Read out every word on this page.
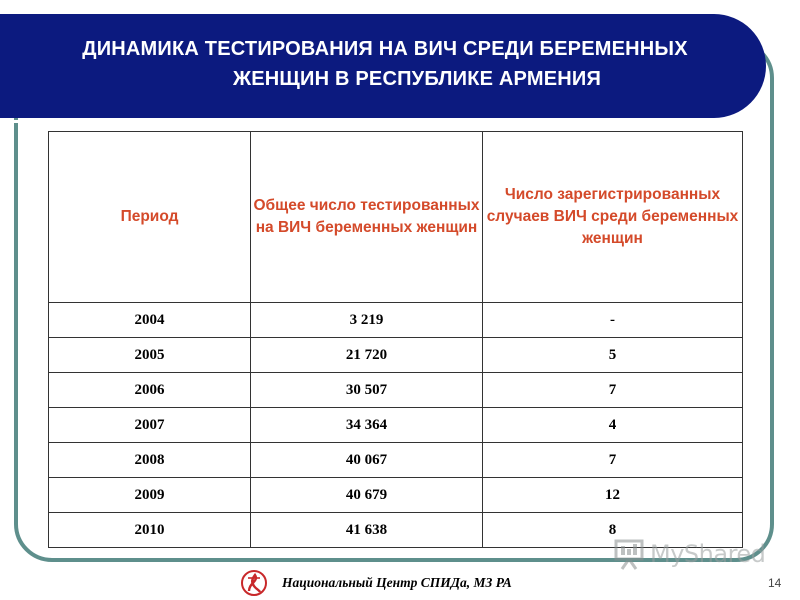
ДИНАМИКА ТЕСТИРОВАНИЯ НА ВИЧ СРЕДИ БЕРЕМЕННЫХ
ЖЕНЩИН В РЕСПУБЛИКЕ АРМЕНИЯ
Период	Общее число тестированных на ВИЧ беременных женщин	Число зарегистрированных случаев ВИЧ среди беременных женщин
2004	3 219	-
2005	21 720	5
2006	30 507	7
2007	34 364	4
2008	40 067	7
2009	40 679	12
2010	41 638	8
MyShared
Национальный Центр СПИДа, МЗ РА	14
